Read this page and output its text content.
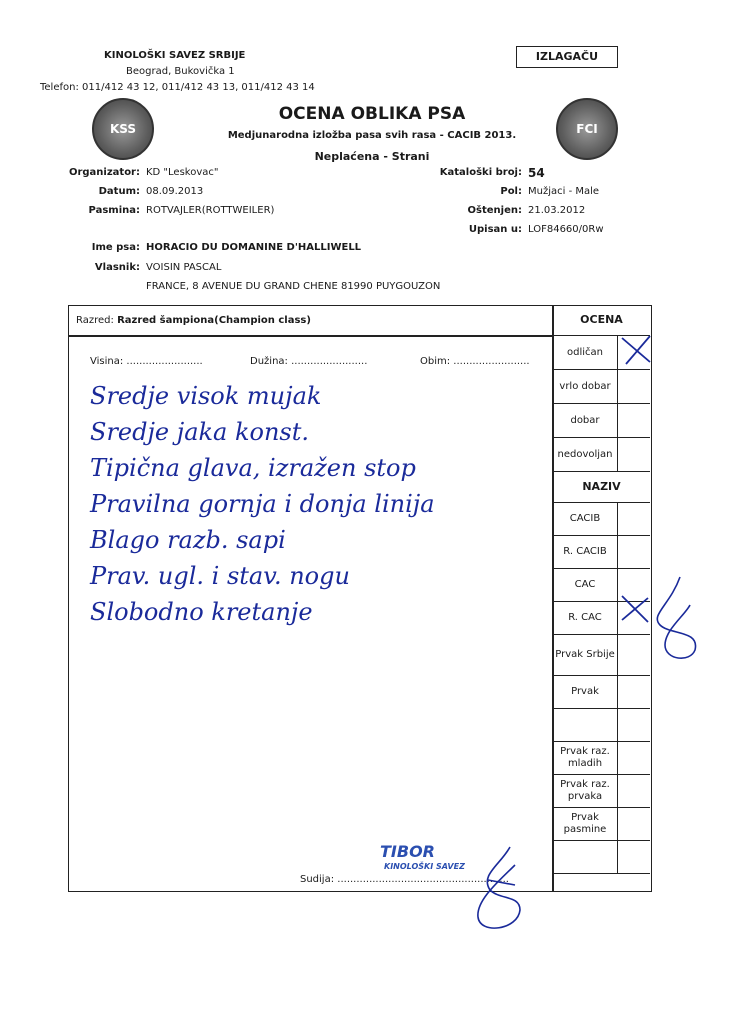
KINOLOŠKI SAVEZ SRBIJE
Beograd, Bukovička 1
Telefon: 011/412 43 12, 011/412 43 13, 011/412 43 14
IZLAGAČU
KSS	FCI
OCENA OBLIKA PSA
Medjunarodna izložba pasa svih rasa - CACIB 2013.
Neplaćena - Strani
Organizator: KD "Leskovac"
Datum: 08.09.2013
Pasmina: ROTVAJLER(ROTTWEILER)
Kataloški broj: 54
Pol: Mužjaci - Male
Oštenjen: 21.03.2012
Upisan u: LOF84660/0Rw
Ime psa: HORACIO DU DOMANINE D'HALLIWELL
Vlasnik: VOISIN PASCAL
FRANCE, 8 AVENUE DU GRAND CHENE 81990 PUYGOUZON
Razred: Razred šampiona(Champion class)
Visina: ........................	Dužina: ........................	Obim: ........................
Sredje visok mujak
Sredje jaka konst.
Tipična glava, izražen stop
Pravilna gornja i donja linija
Blago razb. sapi
Prav. ugl. i stav. nogu
Slobodno kretanje
Sudija: ......................................................
TIBOR
KINOLOŠKI SAVEZ
OCENA
odličan
vrlo dobar
dobar
nedovoljan
NAZIV
CACIB
R. CACIB
CAC
R. CAC
Prvak Srbije
Prvak
Prvak raz. mladih
Prvak raz. prvaka
Prvak pasmine
